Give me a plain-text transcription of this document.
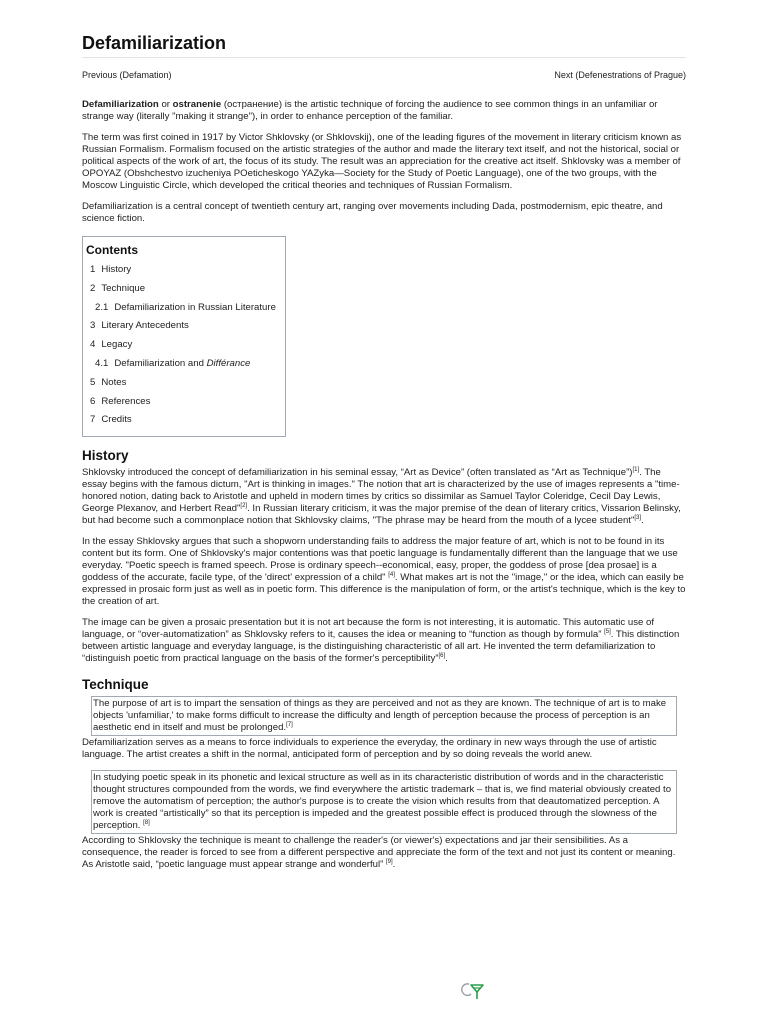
Defamiliarization
Previous (Defamation)	Next (Defenestrations of Prague)

Defamiliarization or ostranenie (остранение) is the artistic technique of forcing the audience to see common things in an unfamiliar or strange way (literally "making it strange"), in order to enhance perception of the familiar.

The term was first coined in 1917 by Victor Shklovsky (or Shklovskij), one of the leading figures of the movement in literary criticism known as Russian Formalism. Formalism focused on the artistic strategies of the author and made the literary text itself, and not the historical, social or political aspects of the work of art, the focus of its study. The result was an appreciation for the creative act itself. Shklovsky was a member of OPOYAZ (Obshchestvo izucheniya POeticheskogo YAZyka—Society for the Study of Poetic Language), one of the two groups, with the Moscow Linguistic Circle, which developed the critical theories and techniques of Russian Formalism.

Defamiliarization is a central concept of twentieth century art, ranging over movements including Dada, postmodernism, epic theatre, and science fiction.

Contents
1 History
2 Technique
2.1 Defamiliarization in Russian Literature
3 Literary Antecedents
4 Legacy
4.1 Defamiliarization and Différance
5 Notes
6 References
7 Credits
History

Shklovsky introduced the concept of defamiliarization in his seminal essay, “Art as Device” (often translated as “Art as Technique”)[1]. The essay begins with the famous dictum, "Art is thinking in images." The notion that art is characterized by the use of images represents a "time-honored notion, dating back to Aristotle and upheld in modern times by critics so dissimilar as Samuel Taylor Coleridge, Cecil Day Lewis, George Plexanov, and Herbert Read"[2]. In Russian literary criticism, it was the major premise of the dean of literary critics, Vissarion Belinsky, but had become such a commonplace notion that Skhlovsky claims, "The phrase may be heard from the mouth of a lycee student"[3].

In the essay Shklovsky argues that such a shopworn understanding fails to address the major feature of art, which is not to be found in its content but its form. One of Shklovsky's major contentions was that poetic language is fundamentally different than the language that we use everyday. "Poetic speech is framed speech. Prose is ordinary speech--economical, easy, proper, the goddess of prose [dea prosae] is a goddess of the accurate, facile type, of the 'direct' expression of a child" [4]. What makes art is not the "image," or the idea, which can easily be expressed in prosaic form just as well as in poetic form. This difference is the manipulation of form, or the artist's technique, which is the key to the creation of art.

The image can be given a prosaic presentation but it is not art because the form is not interesting, it is automatic. This automatic use of language, or “over-automatization” as Shklovsky refers to it, causes the idea or meaning to “function as though by formula” [5]. This distinction between artistic language and everyday language, is the distinguishing characteristic of all art. He invented the term defamiliarization to “distinguish poetic from practical language on the basis of the former's perceptibility”[6].

Technique
The purpose of art is to impart the sensation of things as they are perceived and not as they are known. The technique of art is to make objects 'unfamiliar,' to make forms difficult to increase the difficulty and length of perception because the process of perception is an aesthetic end in itself and must be prolonged.[7]

Defamiliarization serves as a means to force individuals to experience the everyday, the ordinary in new ways through the use of artistic language. The artist creates a shift in the normal, anticipated form of perception and by so doing reveals the world anew.

In studying poetic speak in its phonetic and lexical structure as well as in its characteristic distribution of words and in the characteristic thought structures compounded from the words, we find everywhere the artistic trademark – that is, we find material obviously created to remove the automatism of perception; the author's purpose is to create the vision which results from that deautomatized perception. A work is created “artistically” so that its perception is impeded and the greatest possible effect is produced through the slowness of the perception. [8]

According to Shklovsky the technique is meant to challenge the reader's (or viewer's) expectations and jar their sensibilities. As a consequence, the reader is forced to see from a different perspective and appreciate the form of the text and not just its content or meaning. As Aristotle said, “poetic language must appear strange and wonderful” [9].
